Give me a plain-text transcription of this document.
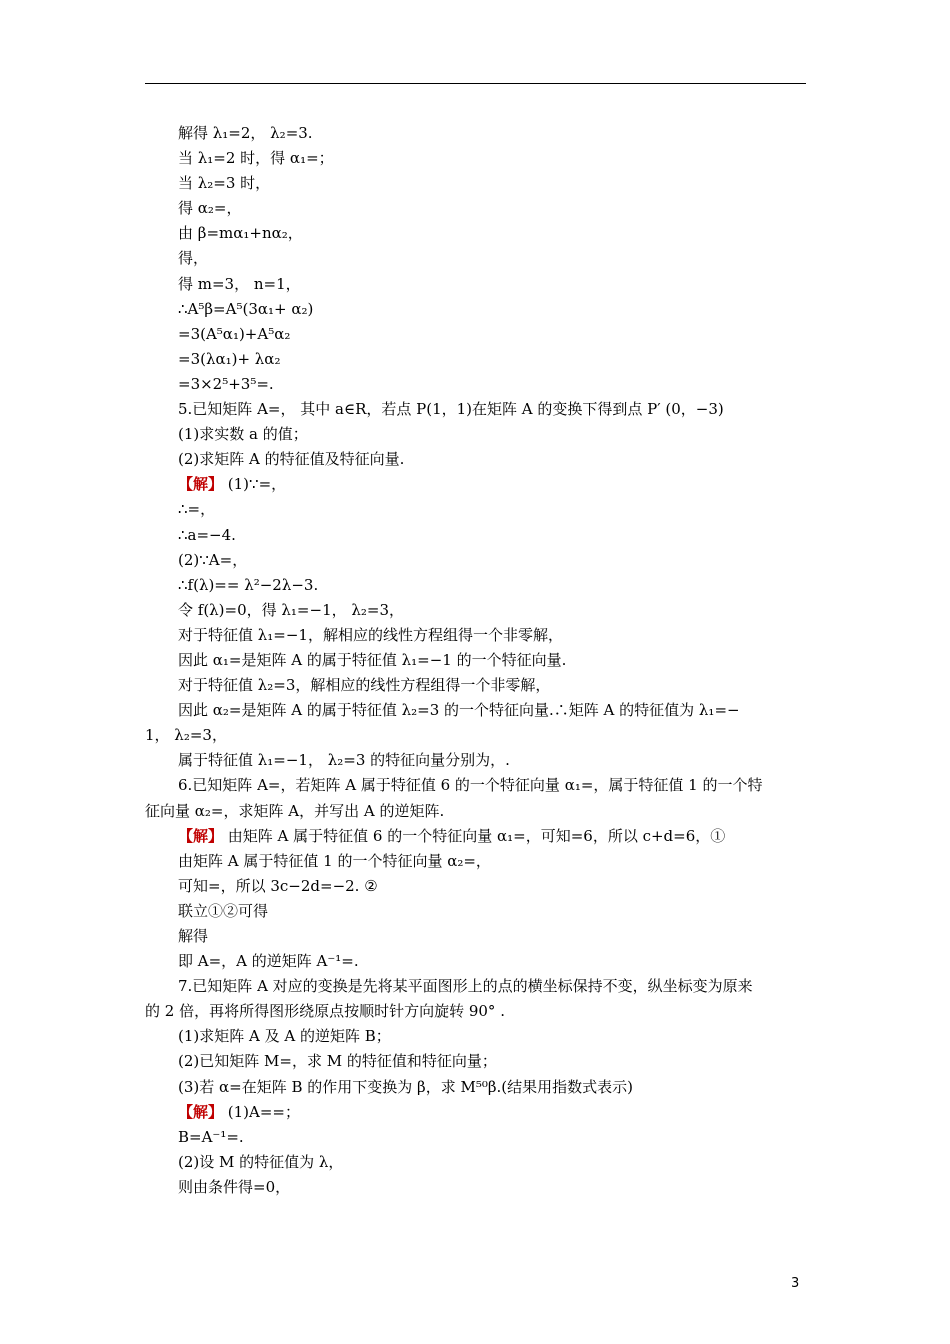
解得 λ₁=2， λ₂=3.
当 λ₁=2 时，得 α₁=；
当 λ₂=3 时，
得 α₂=，
由 β=mα₁+nα₂，
得，
得 m=3， n=1，
∴A⁵β=A⁵(3α₁+ α₂)
=3(A⁵α₁)+A⁵α₂
=3(λα₁)+ λα₂
=3×2⁵+3⁵=.
5.已知矩阵 A=， 其中 a∈R，若点 P(1，1)在矩阵 A 的变换下得到点 P′ (0，−3)
(1)求实数 a 的值；
(2)求矩阵 A 的特征值及特征向量.
【解】 (1)∵=，
∴=，
∴a=−4.
(2)∵A=，
∴f(λ)== λ²−2λ−3.
令 f(λ)=0，得 λ₁=−1， λ₂=3，
对于特征值 λ₁=−1，解相应的线性方程组得一个非零解，
因此 α₁=是矩阵 A 的属于特征值 λ₁=−1 的一个特征向量.
对于特征值 λ₂=3，解相应的线性方程组得一个非零解，
因此 α₂=是矩阵 A 的属于特征值 λ₂=3 的一个特征向量.∴矩阵 A 的特征值为 λ₁=−
1， λ₂=3，
属于特征值 λ₁=−1， λ₂=3 的特征向量分别为，.
6.已知矩阵 A=，若矩阵 A 属于特征值 6 的一个特征向量 α₁=，属于特征值 1 的一个特
征向量 α₂=，求矩阵 A，并写出 A 的逆矩阵.
【解】 由矩阵 A 属于特征值 6 的一个特征向量 α₁=，可知=6，所以 c+d=6，①
由矩阵 A 属于特征值 1 的一个特征向量 α₂=，
可知=，所以 3c−2d=−2. ②
联立①②可得
解得
即 A=，A 的逆矩阵 A⁻¹=.
7.已知矩阵 A 对应的变换是先将某平面图形上的点的横坐标保持不变，纵坐标变为原来
的 2 倍，再将所得图形绕原点按顺时针方向旋转 90° .
(1)求矩阵 A 及 A 的逆矩阵 B；
(2)已知矩阵 M=，求 M 的特征值和特征向量；
(3)若 α=在矩阵 B 的作用下变换为 β，求 M⁵⁰β.(结果用指数式表示)
【解】 (1)A==；
B=A⁻¹=.
(2)设 M 的特征值为 λ，
则由条件得=0，
3
